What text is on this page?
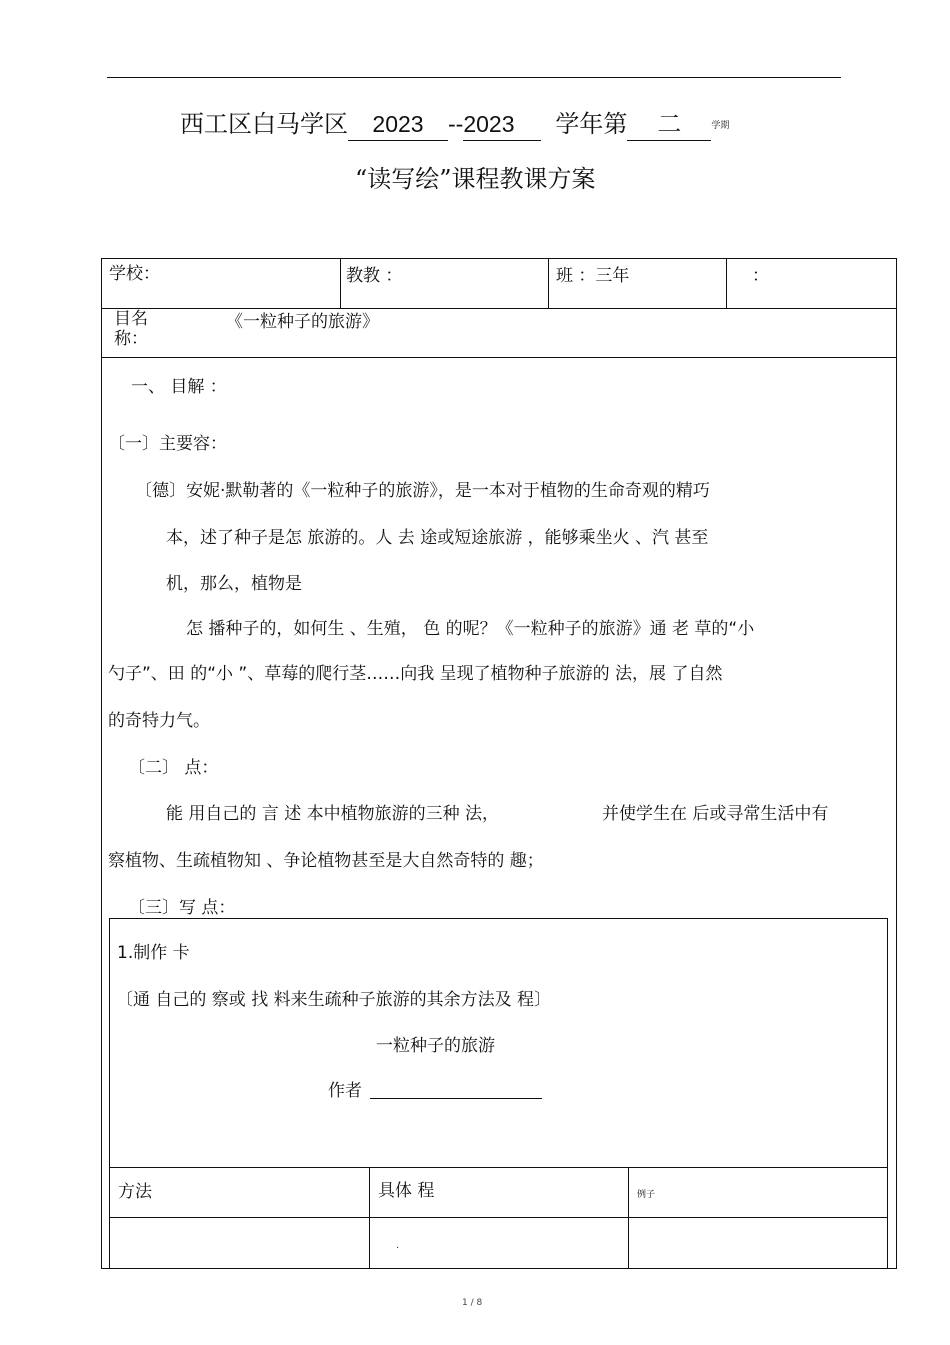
西工区白马学区 2023 --2023 学年第 二	学期
“读写绘”课程教课方案
学校：	教教 ：	班 ：三年	：
目名
称：
《一粒种子的旅游》
一、 目解 ：
〔一〕主要容：
〔德〕安妮·默勒著的《一粒种子的旅游》，是一本对于植物的生命奇观的精巧
本，述了种子是怎 旅游的。人 去 途或短途旅游 ，能够乘坐火 、汽 甚至
机，那么，植物是
怎 播种子的，如何生 、生殖， 色 的呢？《一粒种子的旅游》通 老 草的“小
勺子”、田 的“小 ”、草莓的爬行茎……向我 呈现了植物种子旅游的 法，展 了自然
的奇特力气。
〔二〕 点：
能 用自己的 言 述 本中植物旅游的三种 法，	并使学生在 后或寻常生活中有
察植物、生疏植物知 、争论植物甚至是大自然奇特的 趣；
〔三〕写 点：
1.制作 卡
〔通 自己的 察或 找 料来生疏种子旅游的其余方法及 程〕
一粒种子的旅游
作者
方法	具体 程	例子
.
1 / 8
